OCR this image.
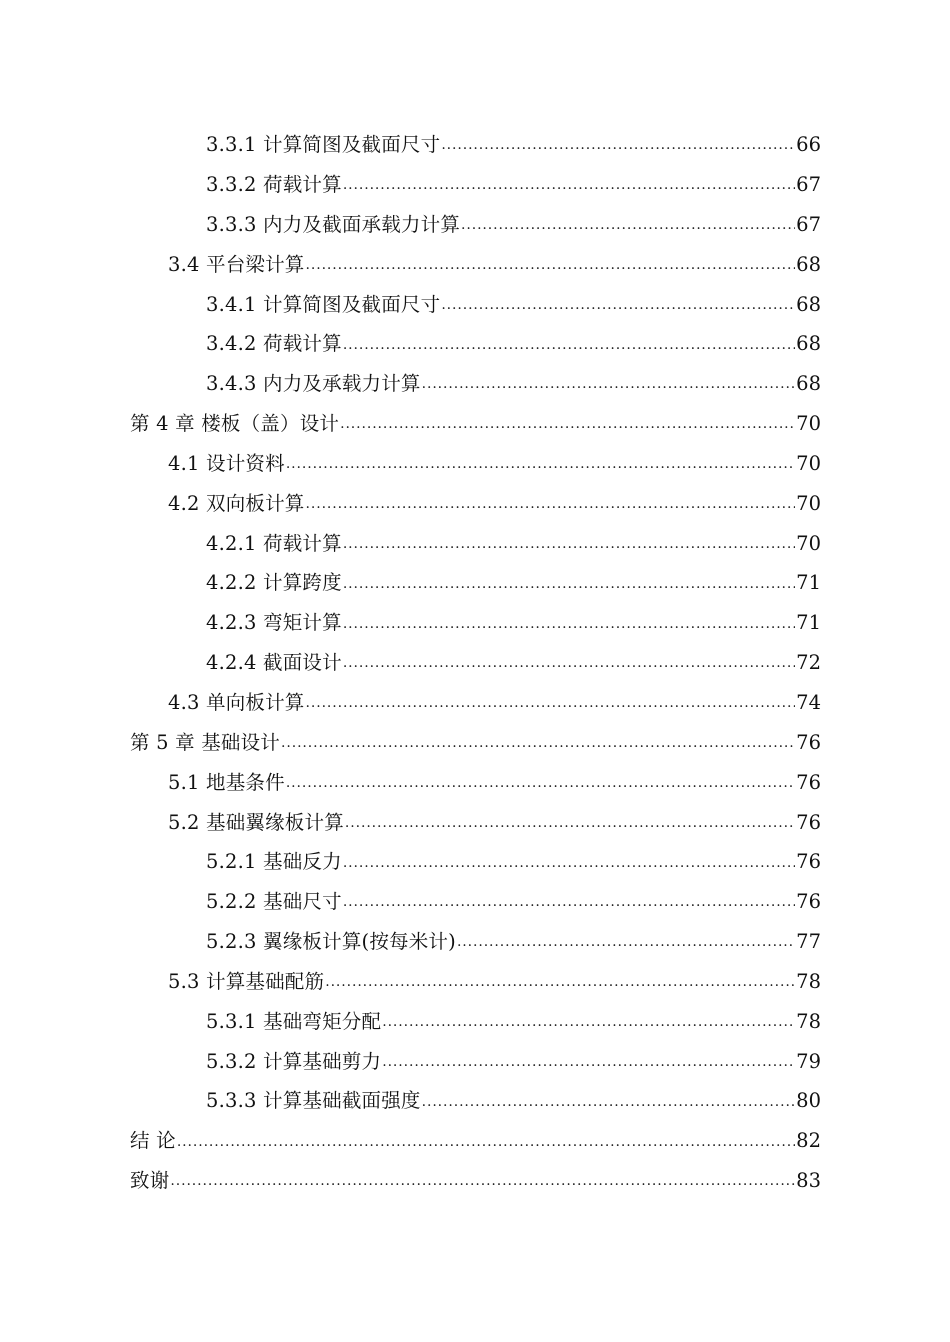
3.3.1 计算简图及截面尺寸 .....	66
3.3.2 荷载计算 .....	67
3.3.3 内力及截面承载力计算 .....	67
3.4 平台梁计算 .....	68
3.4.1 计算简图及截面尺寸 .....	68
3.4.2 荷载计算 .....	68
3.4.3 内力及承载力计算 .....	68
第 4 章 楼板（盖）设计 .....	70
4.1 设计资料 .....	70
4.2 双向板计算 .....	70
4.2.1 荷载计算 .....	70
4.2.2 计算跨度 .....	71
4.2.3 弯矩计算 .....	71
4.2.4 截面设计 .....	72
4.3 单向板计算 .....	74
第 5 章 基础设计 .....	76
5.1 地基条件 .....	76
5.2 基础翼缘板计算 .....	76
5.2.1 基础反力 .....	76
5.2.2 基础尺寸 .....	76
5.2.3 翼缘板计算(按每米计) .....	77
5.3 计算基础配筋 .....	78
5.3.1 基础弯矩分配 .....	78
5.3.2 计算基础剪力 .....	79
5.3.3 计算基础截面强度 .....	80
结 论 .....	82
致谢 .....	83
